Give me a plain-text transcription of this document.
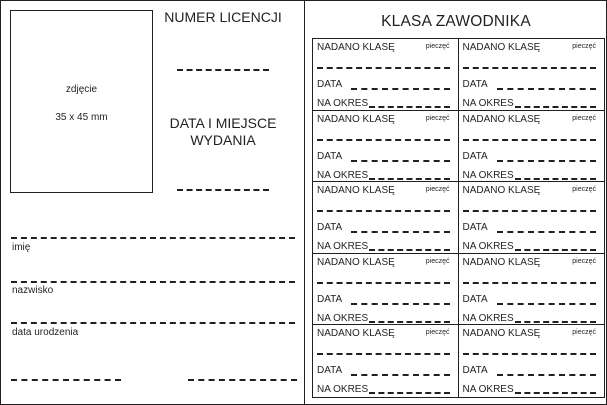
zdjęcie
35 x 45 mm
NUMER LICENCJI
DATA I MIEJSCE WYDANIA
imię
nazwisko
data urodzenia
KLASA ZAWODNIKA
NADANO KLASĘ	pieczęć
DATA
NA OKRES
NADANO KLASĘ	pieczęć
DATA
NA OKRES
NADANO KLASĘ	pieczęć
DATA
NA OKRES
NADANO KLASĘ	pieczęć
DATA
NA OKRES
NADANO KLASĘ	pieczęć
DATA
NA OKRES
NADANO KLASĘ	pieczęć
DATA
NA OKRES
NADANO KLASĘ	pieczęć
DATA
NA OKRES
NADANO KLASĘ	pieczęć
DATA
NA OKRES
NADANO KLASĘ	pieczęć
DATA
NA OKRES
NADANO KLASĘ	pieczęć
DATA
NA OKRES
